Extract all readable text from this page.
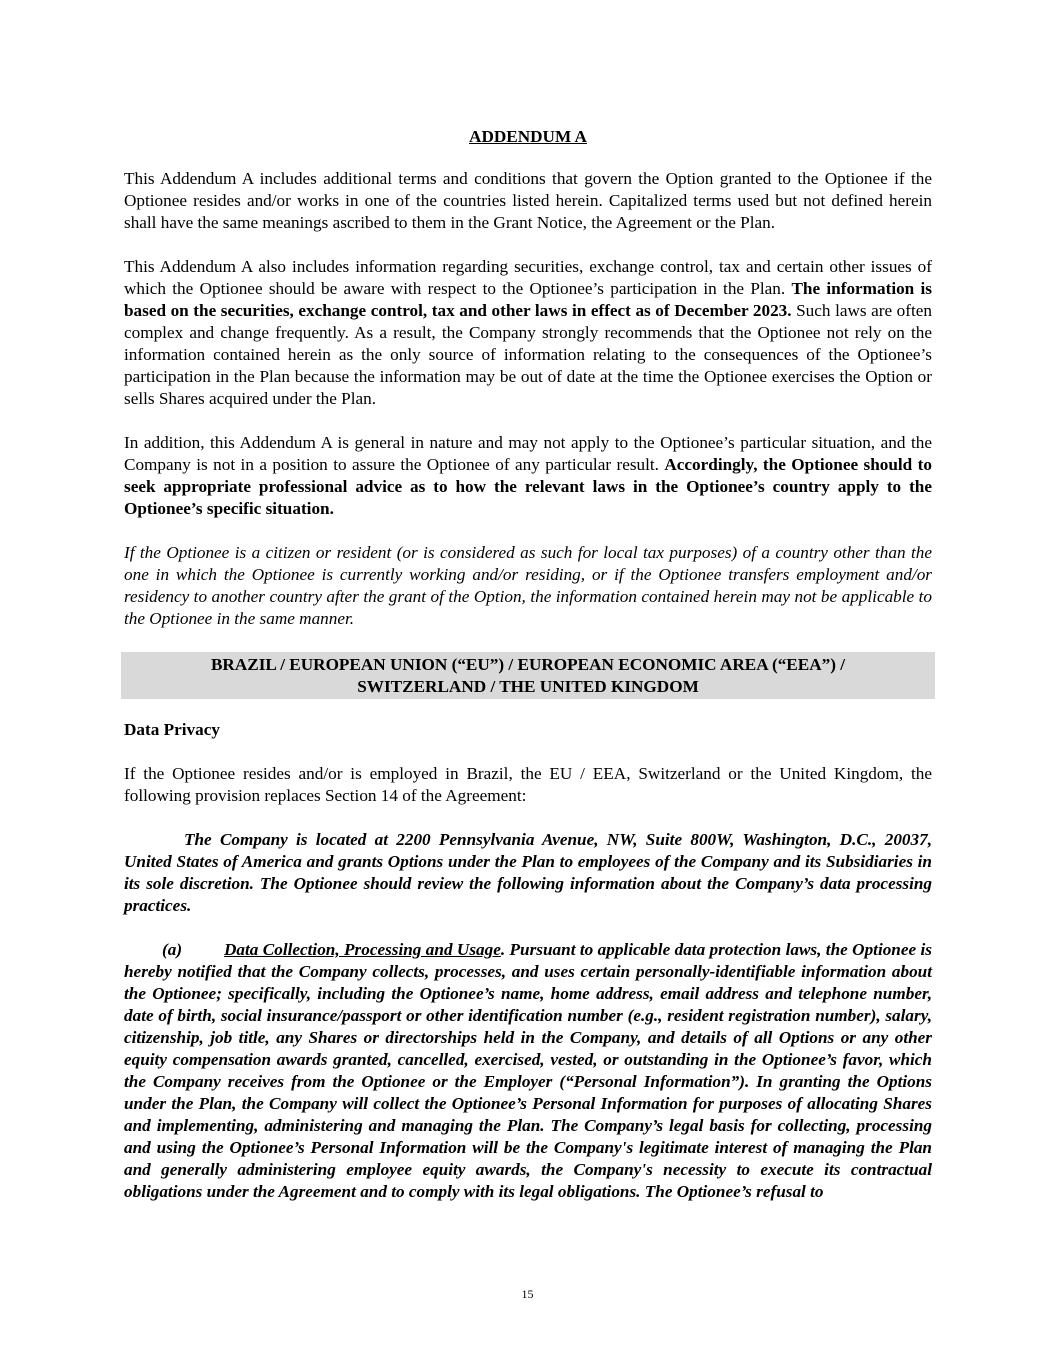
ADDENDUM A

This Addendum A includes additional terms and conditions that govern the Option granted to the Optionee if the Optionee resides and/or works in one of the countries listed herein. Capitalized terms used but not defined herein shall have the same meanings ascribed to them in the Grant Notice, the Agreement or the Plan.

This Addendum A also includes information regarding securities, exchange control, tax and certain other issues of which the Optionee should be aware with respect to the Optionee’s participation in the Plan. The information is based on the securities, exchange control, tax and other laws in effect as of December 2023. Such laws are often complex and change frequently. As a result, the Company strongly recommends that the Optionee not rely on the information contained herein as the only source of information relating to the consequences of the Optionee’s participation in the Plan because the information may be out of date at the time the Optionee exercises the Option or sells Shares acquired under the Plan.

In addition, this Addendum A is general in nature and may not apply to the Optionee’s particular situation, and the Company is not in a position to assure the Optionee of any particular result. Accordingly, the Optionee should to seek appropriate professional advice as to how the relevant laws in the Optionee’s country apply to the Optionee’s specific situation.

If the Optionee is a citizen or resident (or is considered as such for local tax purposes) of a country other than the one in which the Optionee is currently working and/or residing, or if the Optionee transfers employment and/or residency to another country after the grant of the Option, the information contained herein may not be applicable to the Optionee in the same manner.

BRAZIL / EUROPEAN UNION (“EU”) / EUROPEAN ECONOMIC AREA (“EEA”) /
SWITZERLAND / THE UNITED KINGDOM
Data Privacy

If the Optionee resides and/or is employed in Brazil, the EU / EEA, Switzerland or the United Kingdom, the following provision replaces Section 14 of the Agreement:

The Company is located at 2200 Pennsylvania Avenue, NW, Suite 800W, Washington, D.C., 20037, United States of America and grants Options under the Plan to employees of the Company and its Subsidiaries in its sole discretion. The Optionee should review the following information about the Company’s data processing practices.

(a) Data Collection, Processing and Usage. Pursuant to applicable data protection laws, the Optionee is hereby notified that the Company collects, processes, and uses certain personally-identifiable information about the Optionee; specifically, including the Optionee’s name, home address, email address and telephone number, date of birth, social insurance/passport or other identification number (e.g., resident registration number), salary, citizenship, job title, any Shares or directorships held in the Company, and details of all Options or any other equity compensation awards granted, cancelled, exercised, vested, or outstanding in the Optionee’s favor, which the Company receives from the Optionee or the Employer (“Personal Information”). In granting the Options under the Plan, the Company will collect the Optionee’s Personal Information for purposes of allocating Shares and implementing, administering and managing the Plan. The Company’s legal basis for collecting, processing and using the Optionee’s Personal Information will be the Company's legitimate interest of managing the Plan and generally administering employee equity awards, the Company's necessity to execute its contractual obligations under the Agreement and to comply with its legal obligations. The Optionee’s refusal to

15
